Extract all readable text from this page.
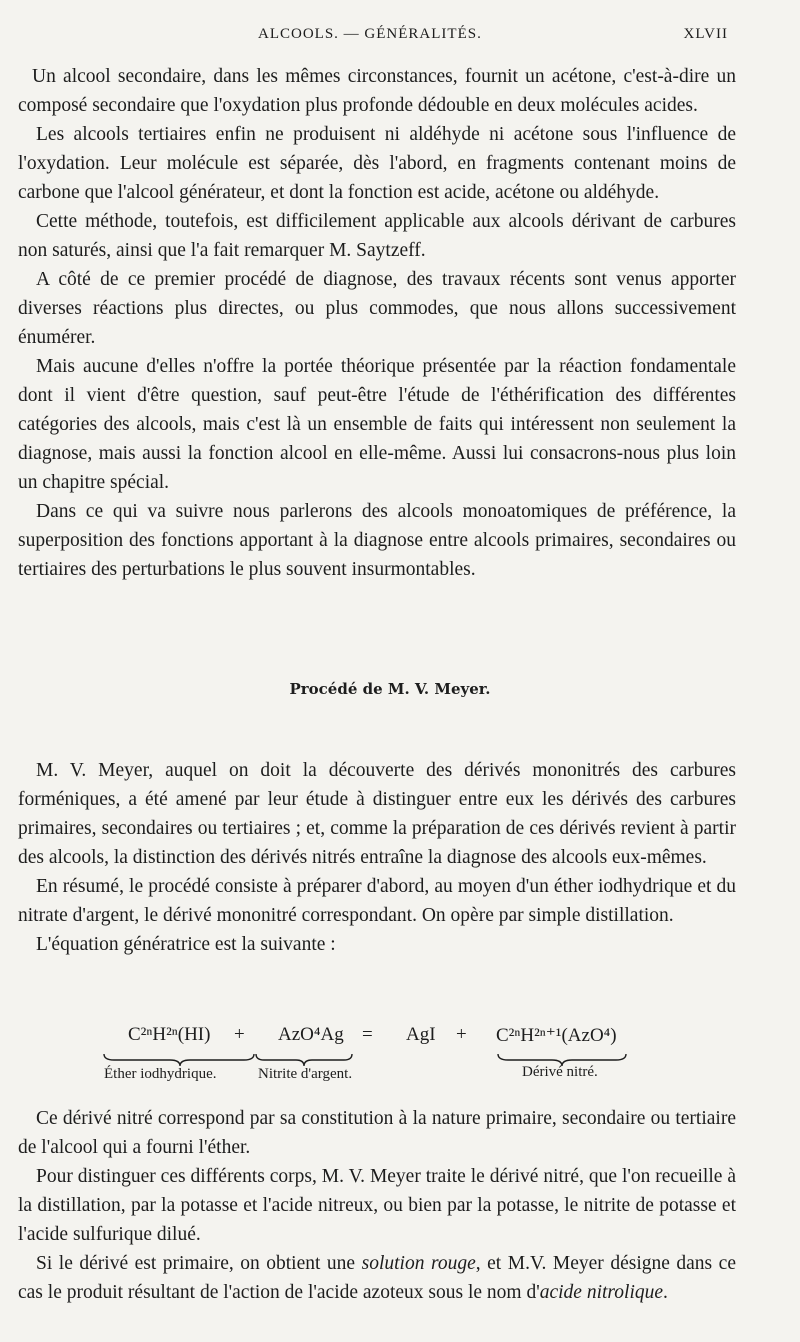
ALCOOLS. — GÉNÉRALITÉS.	XLVII

Un alcool secondaire, dans les mêmes circonstances, fournit un acétone, c'est-à-dire un composé secondaire que l'oxydation plus profonde dédouble en deux molécules acides.

Les alcools tertiaires enfin ne produisent ni aldéhyde ni acétone sous l'influence de l'oxydation. Leur molécule est séparée, dès l'abord, en fragments contenant moins de carbone que l'alcool générateur, et dont la fonction est acide, acétone ou aldéhyde.

Cette méthode, toutefois, est difficilement applicable aux alcools dérivant de carbures non saturés, ainsi que l'a fait remarquer M. Saytzeff.

A côté de ce premier procédé de diagnose, des travaux récents sont venus apporter diverses réactions plus directes, ou plus commodes, que nous allons successivement énumérer.

Mais aucune d'elles n'offre la portée théorique présentée par la réaction fondamentale dont il vient d'être question, sauf peut-être l'étude de l'éthérification des différentes catégories des alcools, mais c'est là un ensemble de faits qui intéressent non seulement la diagnose, mais aussi la fonction alcool en elle-même. Aussi lui consacrons-nous plus loin un chapitre spécial.

Dans ce qui va suivre nous parlerons des alcools monoatomiques de préférence, la superposition des fonctions apportant à la diagnose entre alcools primaires, secondaires ou tertiaires des perturbations le plus souvent insurmontables.

Procédé de M. V. Meyer.

M. V. Meyer, auquel on doit la découverte des dérivés mononitrés des carbures forméniques, a été amené par leur étude à distinguer entre eux les dérivés des carbures primaires, secondaires ou tertiaires ; et, comme la préparation de ces dérivés revient à partir des alcools, la distinction des dérivés nitrés entraîne la diagnose des alcools eux-mêmes.

En résumé, le procédé consiste à préparer d'abord, au moyen d'un éther iodhydrique et du nitrate d'argent, le dérivé mononitré correspondant. On opère par simple distillation.

L'équation génératrice est la suivante :

C²ⁿH²ⁿ(HI) + AzO⁴Ag = AgI + C²ⁿH²ⁿ⁺¹(AzO⁴)
Éther iodhydrique.	Nitrite d'argent.	Dérivé nitré.

Ce dérivé nitré correspond par sa constitution à la nature primaire, secondaire ou tertiaire de l'alcool qui a fourni l'éther.

Pour distinguer ces différents corps, M. V. Meyer traite le dérivé nitré, que l'on recueille à la distillation, par la potasse et l'acide nitreux, ou bien par la potasse, le nitrite de potasse et l'acide sulfurique dilué.

Si le dérivé est primaire, on obtient une solution rouge, et M.V. Meyer désigne dans ce cas le produit résultant de l'action de l'acide azoteux sous le nom d'acide nitrolique.
